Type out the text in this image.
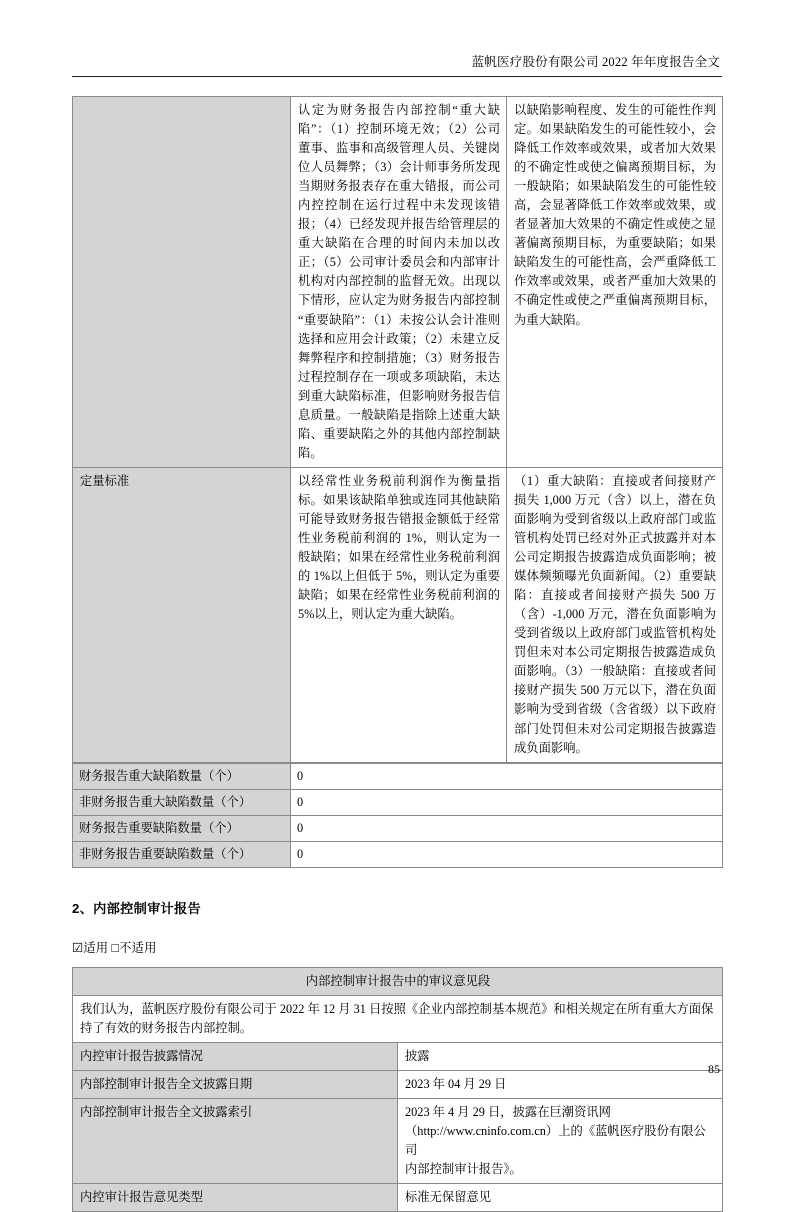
蓝帆医疗股份有限公司 2022 年年度报告全文

	认定为财务报告内部控制“重大缺陷”：（1）控制环境无效；（2）公司董事、监事和高级管理人员、关键岗位人员舞弊；（3）会计师事务所发现当期财务报表存在重大错报，而公司内控控制在运行过程中未发现该错报；（4）已经发现并报告给管理层的重大缺陷在合理的时间内未加以改正；（5）公司审计委员会和内部审计机构对内部控制的监督无效。出现以下情形，应认定为财务报告内部控制“重要缺陷”：（1）未按公认会计准则选择和应用会计政策；（2）未建立反舞弊程序和控制措施；（3）财务报告过程控制存在一项或多项缺陷，未达到重大缺陷标准，但影响财务报告信息质量。一般缺陷是指除上述重大缺陷、重要缺陷之外的其他内部控制缺陷。	以缺陷影响程度、发生的可能性作判定。如果缺陷发生的可能性较小，会降低工作效率或效果，或者加大效果的不确定性或使之偏离预期目标，为一般缺陷；如果缺陷发生的可能性较高，会显著降低工作效率或效果，或者显著加大效果的不确定性或使之显著偏离预期目标，为重要缺陷；如果缺陷发生的可能性高，会严重降低工作效率或效果，或者严重加大效果的不确定性或使之严重偏离预期目标，为重大缺陷。

定量标准	以经常性业务税前利润作为衡量指标。如果该缺陷单独或连同其他缺陷可能导致财务报告错报金额低于经常性业务税前利润的 1%，则认定为一般缺陷；如果在经常性业务税前利润的 1%以上但低于 5%，则认定为重要缺陷；如果在经常性业务税前利润的 5%以上，则认定为重大缺陷。	（1）重大缺陷：直接或者间接财产损失 1,000 万元（含）以上，潜在负面影响为受到省级以上政府部门或监管机构处罚已经对外正式披露并对本公司定期报告披露造成负面影响；被媒体频频曝光负面新闻。（2）重要缺陷：直接或者间接财产损失 500 万（含）-1,000 万元，潜在负面影响为受到省级以上政府部门或监管机构处罚但未对本公司定期报告披露造成负面影响。（3）一般缺陷：直接或者间接财产损失 500 万元以下，潜在负面影响为受到省级（含省级）以下政府部门处罚但未对公司定期报告披露造成负面影响。

财务报告重大缺陷数量（个）	0
非财务报告重大缺陷数量（个）	0
财务报告重要缺陷数量（个）	0
非财务报告重要缺陷数量（个）	0
2、内部控制审计报告
☑适用 □不适用
内部控制审计报告中的审议意见段	
我们认为，蓝帆医疗股份有限公司于 2022 年 12 月 31 日按照《企业内部控制基本规范》和相关规定在所有重大方面保持了有效的财务报告内部控制。	
内控审计报告披露情况	披露
内部控制审计报告全文披露日期	2023 年 04 月 29 日
内部控制审计报告全文披露索引	2023 年 4 月 29 日，披露在巨潮资讯网
（http://www.cninfo.com.cn）上的《蓝帆医疗股份有限公司
内部控制审计报告》。

内控审计报告意见类型	标准无保留意见
85
